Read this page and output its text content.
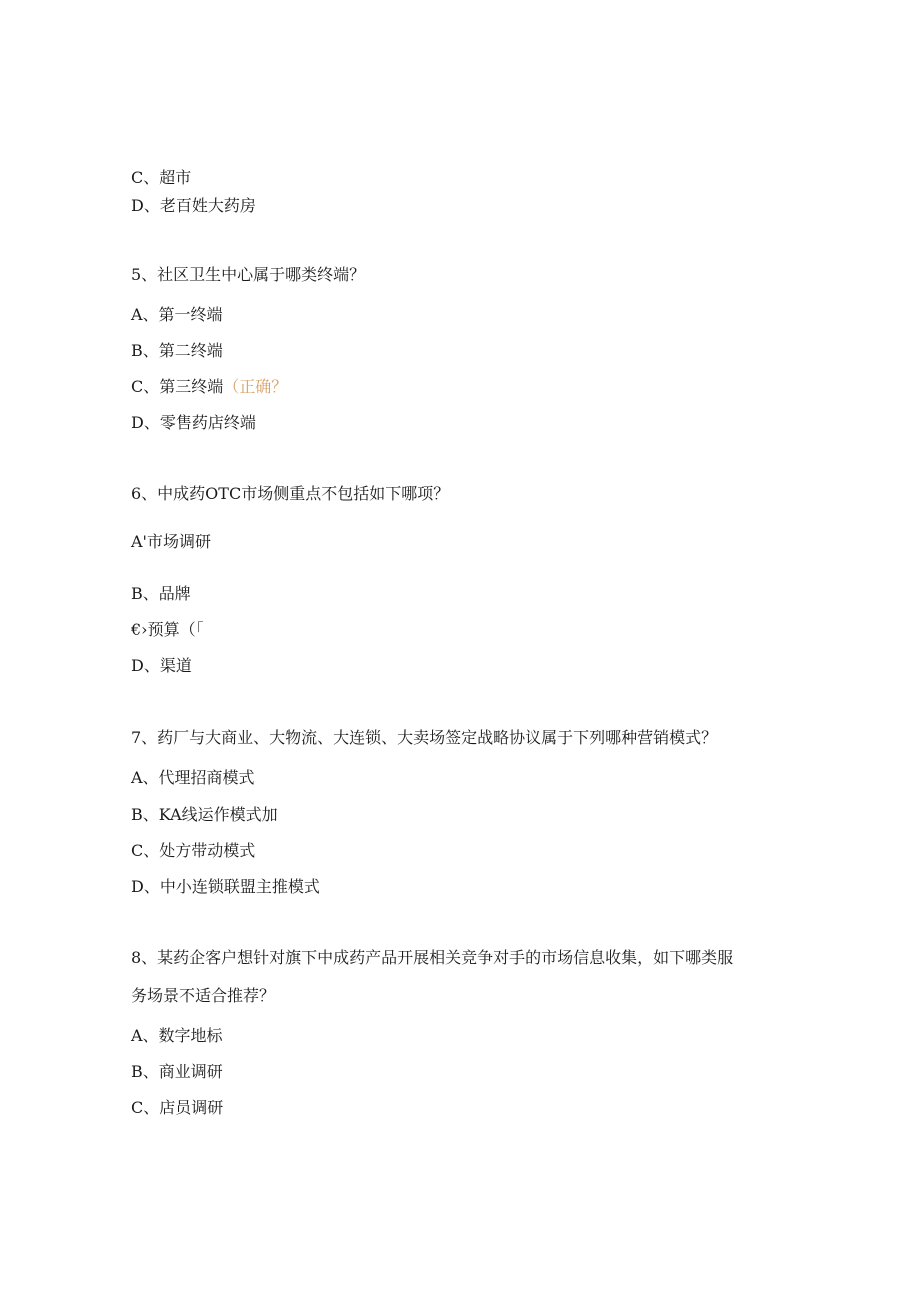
C、超市
D、老百姓大药房
5、社区卫生中心属于哪类终端？
A、第一终端
B、第二终端
C、第三终端（正确？
D、零售药店终端
6、中成药OTC市场侧重点不包括如下哪项？
A'市场调研
B、品牌
€›预算（「
D、渠道
7、药厂与大商业、大物流、大连锁、大卖场签定战略协议属于下列哪种营销模式？
A、代理招商模式
B、KA线运作模式加
C、处方带动模式
D、中小连锁联盟主推模式
8、某药企客户想针对旗下中成药产品开展相关竞争对手的市场信息收集，如下哪类服
务场景不适合推荐？
A、数字地标
B、商业调研
C、店员调研
